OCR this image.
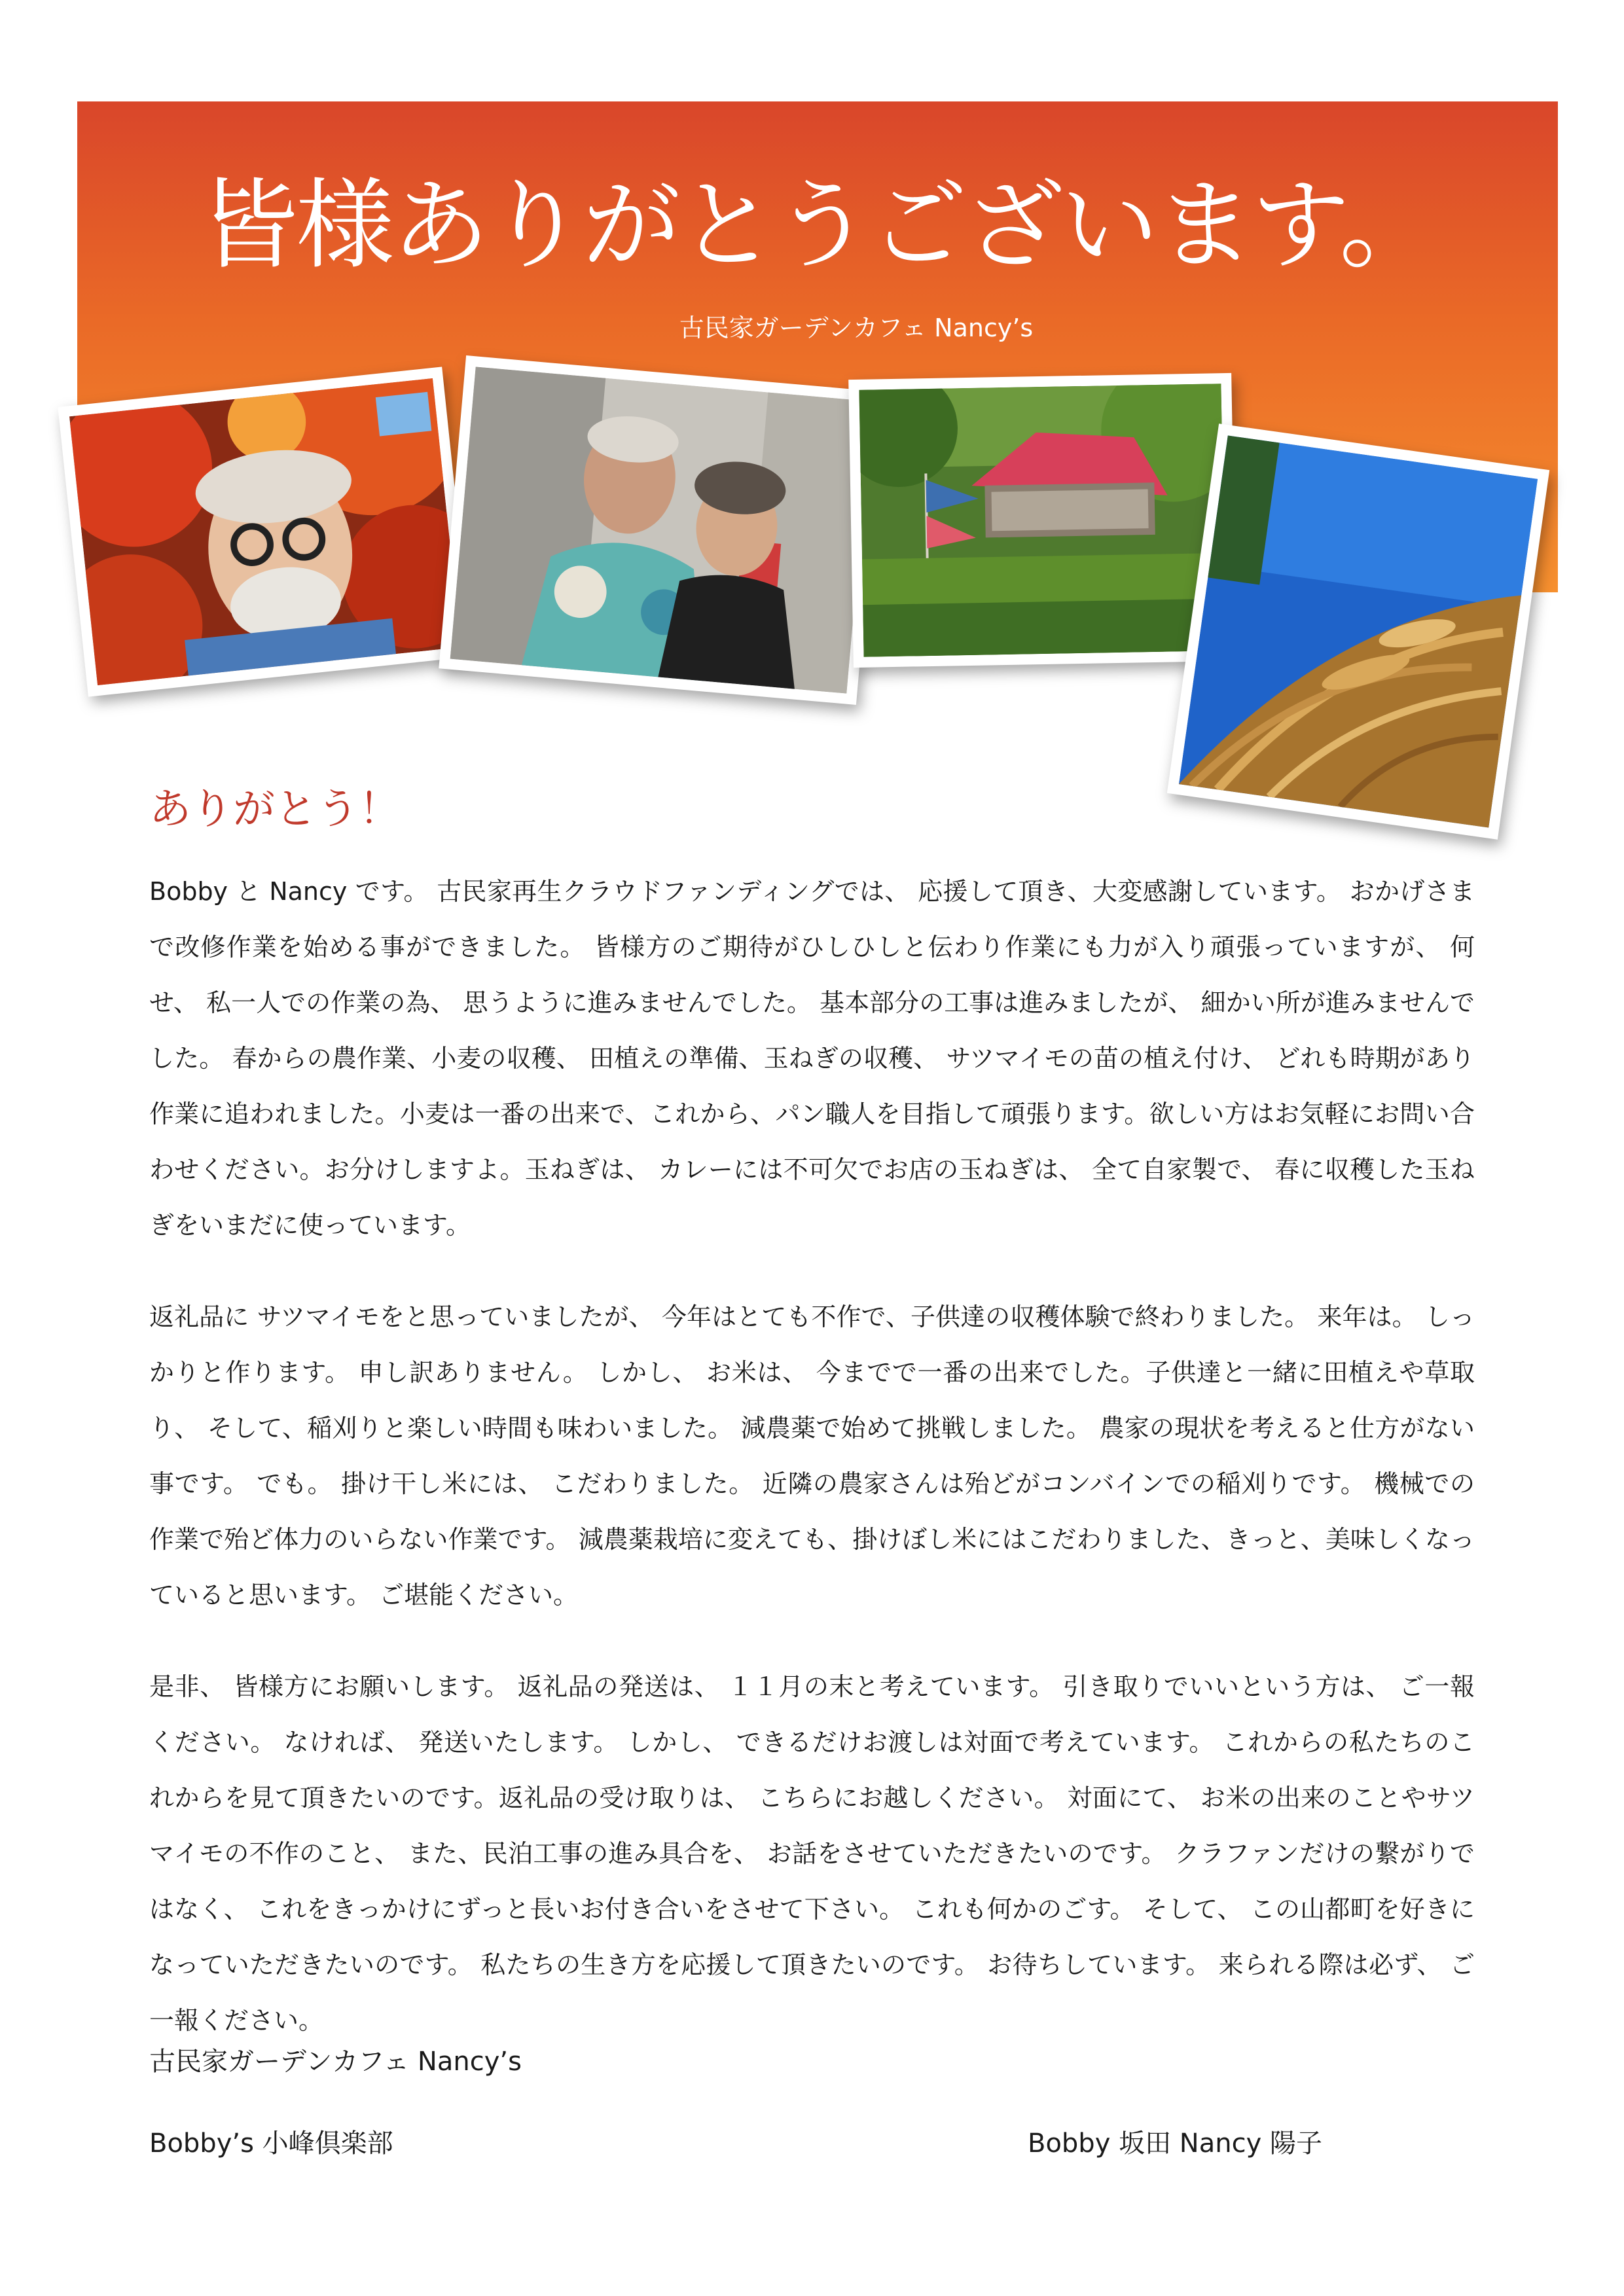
皆様ありがとうございます。
古民家ガーデンカフェ Nancy’s
ありがとう！

Bobby と Nancy です。 古民家再生クラウドファンディングでは、 応援して頂き、大変感謝しています。 おかげさまで改修作業を始める事ができました。 皆様方のご期待がひしひしと伝わり作業にも力が入り頑張っていますが、 何せ、 私一人での作業の為、 思うように進みませんでした。 基本部分の工事は進みましたが、 細かい所が進みませんでした。 春からの農作業、小麦の収穫、 田植えの準備、玉ねぎの収穫、 サツマイモの苗の植え付け、 どれも時期があり作業に追われました。小麦は一番の出来で、これから、パン職人を目指して頑張ります。欲しい方はお気軽にお問い合わせください。お分けしますよ。玉ねぎは、 カレーには不可欠でお店の玉ねぎは、 全て自家製で、 春に収穫した玉ねぎをいまだに使っています。

返礼品に サツマイモをと思っていましたが、 今年はとても不作で、子供達の収穫体験で終わりました。 来年は。 しっかりと作ります。 申し訳ありません。 しかし、 お米は、 今までで一番の出来でした。子供達と一緒に田植えや草取り、 そして、稲刈りと楽しい時間も味わいました。 減農薬で始めて挑戦しました。 農家の現状を考えると仕方がない事です。 でも。 掛け干し米には、 こだわりました。 近隣の農家さんは殆どがコンバインでの稲刈りです。 機械での作業で殆ど体力のいらない作業です。 減農薬栽培に変えても、掛けぼし米にはこだわりました、きっと、美味しくなっていると思います。 ご堪能ください。

是非、 皆様方にお願いします。 返礼品の発送は、 １１月の末と考えています。 引き取りでいいという方は、 ご一報ください。 なければ、 発送いたします。 しかし、 できるだけお渡しは対面で考えています。 これからの私たちのこれからを見て頂きたいのです。返礼品の受け取りは、 こちらにお越しください。 対面にて、 お米の出来のことやサツマイモの不作のこと、 また、民泊工事の進み具合を、 お話をさせていただきたいのです。 クラファンだけの繋がりではなく、 これをきっかけにずっと長いお付き合いをさせて下さい。 これも何かのごす。 そして、 この山都町を好きになっていただきたいのです。 私たちの生き方を応援して頂きたいのです。 お待ちしています。 来られる際は必ず、 ご一報ください。

古民家ガーデンカフェ Nancy’s
Bobby’s 小峰倶楽部	Bobby 坂田 Nancy 陽子
